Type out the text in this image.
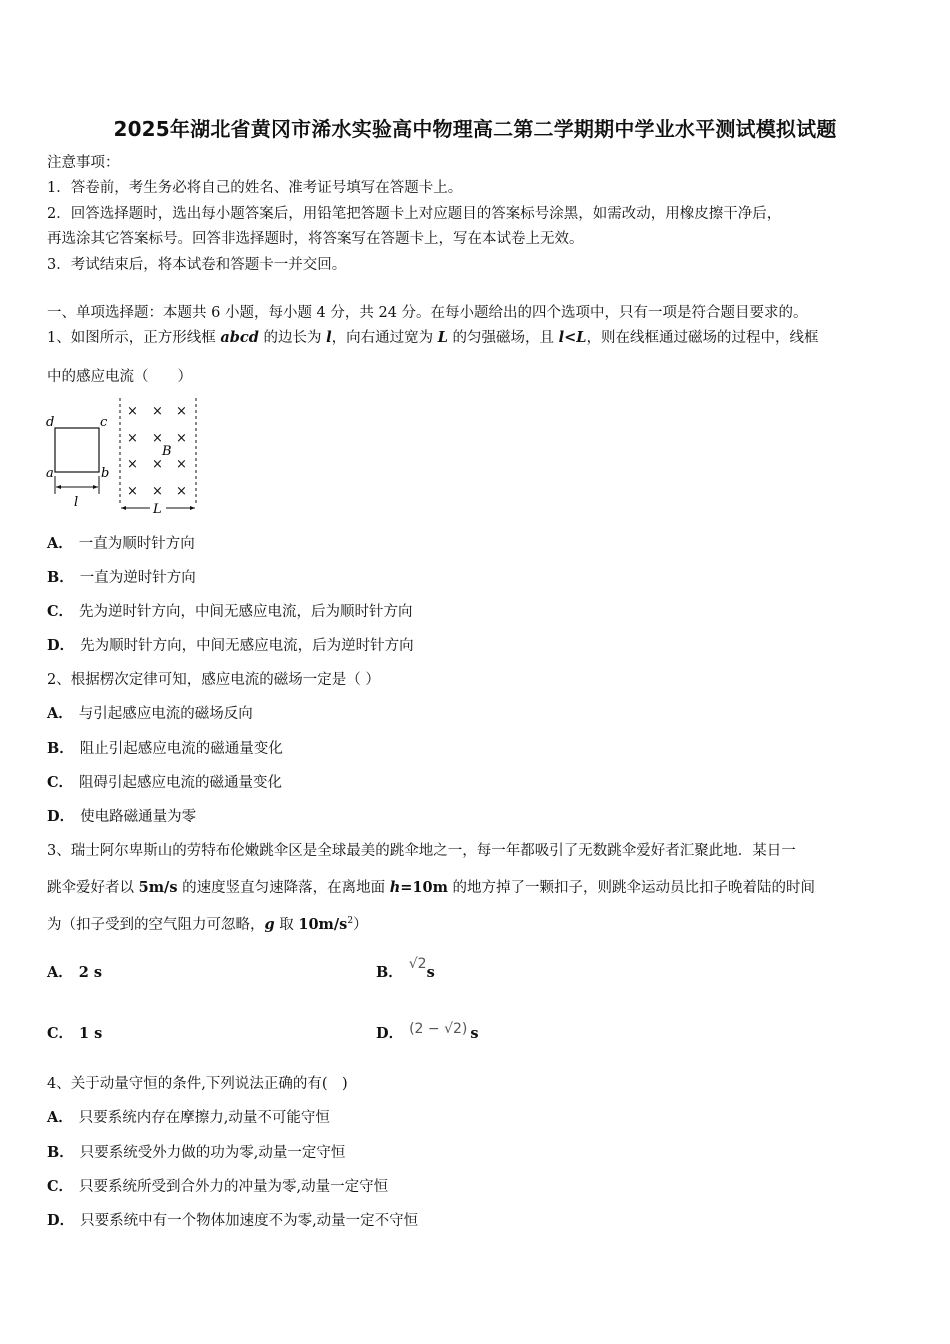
2025年湖北省黄冈市浠水实验高中物理高二第二学期期中学业水平测试模拟试题
注意事项：
1．答卷前，考生务必将自己的姓名、准考证号填写在答题卡上。
2．回答选择题时，选出每小题答案后，用铅笔把答题卡上对应题目的答案标号涂黑，如需改动，用橡皮擦干净后，
再选涂其它答案标号。回答非选择题时，将答案写在答题卡上，写在本试卷上无效。
3．考试结束后，将本试卷和答题卡一并交回。
一、单项选择题：本题共 6 小题，每小题 4 分，共 24 分。在每小题给出的四个选项中，只有一项是符合题目要求的。
1、如图所示，正方形线框 abcd 的边长为 l，向右通过宽为 L 的匀强磁场，且 l<L，则在线框通过磁场的过程中，线框
中的感应电流（　　）
d	c
a	b
l
× × ×
× × ×
× × ×
× × ×
B
L
A． 一直为顺时针方向
B． 一直为逆时针方向
C． 先为逆时针方向，中间无感应电流，后为顺时针方向
D． 先为顺时针方向，中间无感应电流，后为逆时针方向
2、根据楞次定律可知，感应电流的磁场一定是（ ）
A． 与引起感应电流的磁场反向
B． 阻止引起感应电流的磁通量变化
C． 阻碍引起感应电流的磁通量变化
D． 使电路磁通量为零
3、瑞士阿尔卑斯山的劳特布伦嫩跳伞区是全球最美的跳伞地之一，每一年都吸引了无数跳伞爱好者汇聚此地．某日一
跳伞爱好者以 5m/s 的速度竖直匀速降落，在离地面 h=10m 的地方掉了一颗扣子，则跳伞运动员比扣子晚着陆的时间
为（扣子受到的空气阻力可忽略，g 取 $10m/s^2$）
A． 2 s	B． √2s
C． 1 s	D． (2 − √2) s
4、关于动量守恒的条件,下列说法正确的有(　)
A． 只要系统内存在摩擦力,动量不可能守恒
B． 只要系统受外力做的功为零,动量一定守恒
C． 只要系统所受到合外力的冲量为零,动量一定守恒
D． 只要系统中有一个物体加速度不为零,动量一定不守恒
